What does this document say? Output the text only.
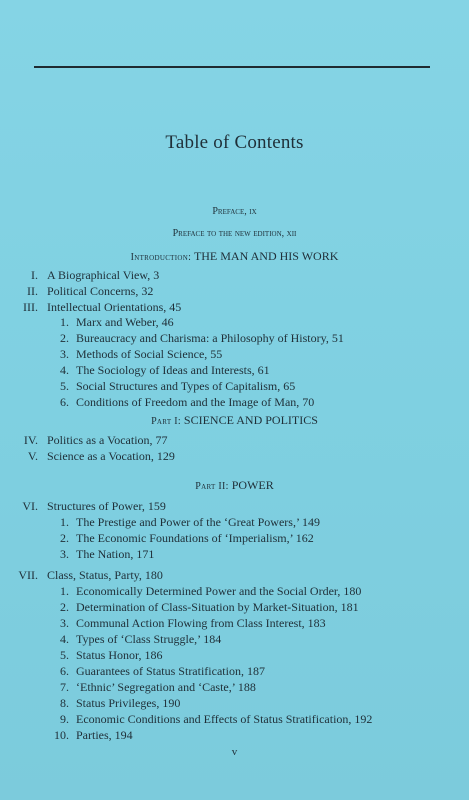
Table of Contents
Preface, ix
Preface to the new edition, xii
Introduction: THE MAN AND HIS WORK
I. A Biographical View, 3
II. Political Concerns, 32
III. Intellectual Orientations, 45
1. Marx and Weber, 46
2. Bureaucracy and Charisma: a Philosophy of History, 51
3. Methods of Social Science, 55
4. The Sociology of Ideas and Interests, 61
5. Social Structures and Types of Capitalism, 65
6. Conditions of Freedom and the Image of Man, 70
Part I: SCIENCE AND POLITICS
IV. Politics as a Vocation, 77
V. Science as a Vocation, 129
Part II: POWER
VI. Structures of Power, 159
1. The Prestige and Power of the ‘Great Powers,’ 149
2. The Economic Foundations of ‘Imperialism,’ 162
3. The Nation, 171
VII. Class, Status, Party, 180
1. Economically Determined Power and the Social Order, 180
2. Determination of Class-Situation by Market-Situation, 181
3. Communal Action Flowing from Class Interest, 183
4. Types of ‘Class Struggle,’ 184
5. Status Honor, 186
6. Guarantees of Status Stratification, 187
7. ‘Ethnic’ Segregation and ‘Caste,’ 188
8. Status Privileges, 190
9. Economic Conditions and Effects of Status Stratification, 192
10. Parties, 194
v
